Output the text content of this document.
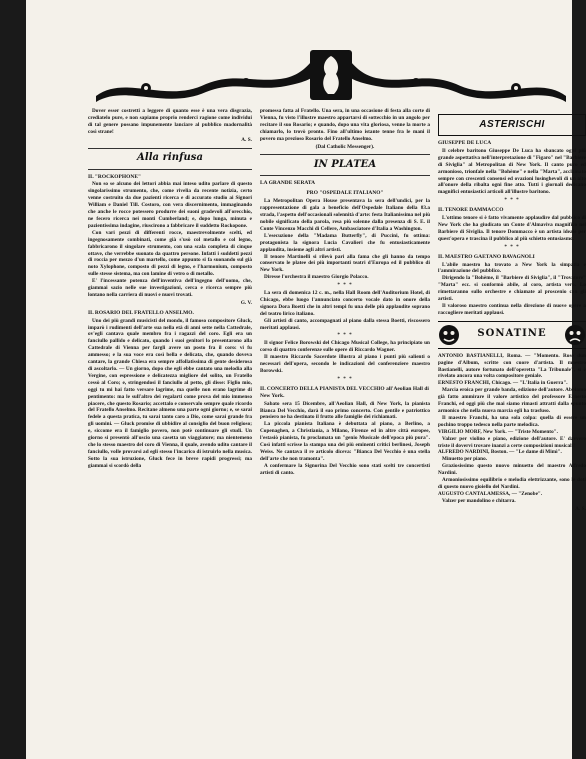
Dover esser costretti a leggere di quanto esse è una vera disgrazia, crediatelo pure, e non sapiamo proprio renderci ragione come individui di tal genere possano impunemente lanciare al pubblico madornalità così strane!

A. S.
Alla rinfusa
IL "ROCKOPHONE"

Non so se alcuno dei lettori abbia mai inteso udito parlare di questo singolarissimo strumento, che, come rivelia da recente notizia, certo venne costruito da due pazienti ricerca e di accurato studio ai Signori William e Daniel Till. Costoro, con vera discernimento, immaginando che anche le rocce potessero produrre dei suoni gradevoli all'orecchio, ne fecero ricerca nei monti Cumberland; e, dopo lunga, minuta e pazientissima indagine, riuscirono a fabbricare il suddetto Rockopone.

Con vari pezzi di differenti rocce, maestrevolmente scelti, ed ingegnosamente combinati, come già s'usò col metallo e col legno, fabbricarono il singolare strumento, con una scala completa di cinque ottave, che verrebbe suonato da quattro persone. Infatti i suddetti pezzi di roccia per mezzo d'un martello, come appunto si fa suonando sul già noto Xylophone, composto di pezzi di legno, e l'harmonium, composto sulle stesse sistema, ma con lamine di vetro o di metallo.

E' l'incessante potenza dell'inventiva dell'ingegno dell'uomo, che, giammai sazio nelle sue investigazioni, cerca e ricerca sempre più lontano nella carriera di nuovi e nuovi trovati.

G. V.
IL ROSARIO DEL FRATELLO ANSELMO.

Uno dei più grandi musicisti del mondo, il famoso compositore Gluck, imparò i rudimenti dell'arte sua nella età di anni sette nella Cattedrale, ov'egli cantava quale membro fra i ragazzi del coro. Egli era un fanciullo pallido e delicato, quando i suoi genitori lo presentarono alla Cattedrale di Vienna per fargli avere un posto fra il coro: vi fu ammesso; e la sua voce era così bella e delicata, che, quando doveva cantare, la grande Chiesa era sempre affollatissima di gente desiderosa di ascoltarlo. — Un giorno, dopo che egli ebbe cantato una melodia alla Vergine, con espressione e delicatezza migliore del solito, un Fratello cessò al Coro; e, stringendosi il fanciullo al petto, gli disse: Figlio mio, oggi tu mi hai fatto versare lagrime, ma quelle non erano lagrime di pentimento: ma le sull'altro dei regalarti come prova del mio immenso piacere, che questo Rosario; accettalo e conservalo sempre quale ricordo del Fratello Anselmo. Recitane almeno una parte ogni giorno; e, se sarai fedele a questa pratica, tu sarai tanto caro a Dio, come sarai grande fra gli uomini. — Gluck promise di ubbidire al consiglio del buon religioso; e, siccome era il famiglio povero, non potè continuare gli studi. Un giorno si presentò all'uscio una casetta un viaggiatore; ma nientemeno che lo stesso maestro del coro di Vienna, il quale, avendo udito cantare il fanciullo, volle provarsi ad egli stesso l'incarico di istruirlo nella musica. Sotto la sua istruzione, Gluck fece in breve rapidi progressi; ma giammai si scordò della

promessa fatta al Fratello. Una sera, in una occasione di festa alla corte di Vienna, fu visto l'illustre maestro appartarsi di sottecchio in un angolo per recitare il suo Rosario; e quando, dopo una vita gloriosa, venne la morte a chiamarlo, lo trovò pronto. Fino all'ultimo istante tenne fra le mani il povero ma prezioso Rosario del Fratello Anselmo.

(Dal Catholic Messenger).
IN PLATEA
LA GRANDE SERATA
PRO "OSPEDALE ITALIANO"

La Metropolitan Opera House presentava la sera dell'undici, per la rappresentazione di gala a beneficio dell'Ospedale Italiano della 83.a strada, l'aspetto dell'occasionali solennità d'arte: festa Italianissima nel più nobile significato della parola, resa più solenne dalla presenza di S. E. il Conte Vincenzo Macchi di Cellere, Ambasciatore d'Italia a Washington.

L'esecuzione della "Madama Butterfly", di Puccini, fu ottima: protagonista la signora Lucia Cavalieri che fu entusiasticamente applaudita, insieme agli altri artisti.

Il tenore Martinelli si rilevò pari alla fama che gli hanno da tempo conservato le platee dei più importanti teatri d'Europa ed il pubblico di New York.

Diresse l'orchestra il maestro Giorgio Polacco.

* * *

La sera di domenica 12 c. m., nella Hall Room dell'Auditorium Hotel, di Chicago, ebbe luogo l'annunciato concerto vocale dato in onore della signora Dora Boetti che in altri tempi fu una delle più applaudite soprano del teatro lirico italiano.

Gli artisti di canto, accompagnati al piano dalla stessa Boetti, riscossero meritati applausi.

* * *

Il signor Felice Borowski del Chicago Musical College, ha principiato un corso di quattro conferenze sulle opere di Riccardo Wagner.

Il maestro Riccardo Sacerdote illustra al piano i punti più salienti o necessari dell'opera, secondo le indicazioni del conferenziere maestro Borowski.

* * *
IL CONCERTO DELLA PIANISTA DEL VECCHIO all'Aeolian Hall di New York.

Sabato sera 15 Dicembre, all'Aeolian Hall, di New York, la pianista Bianca Del Vecchio, darà il suo primo concerto. Con gentile e patriottico pensiero ne ha destinato il frutto alle famiglie dei richiamati.

La piccola pianista Italiana è debuttata al piano, a Berlino, a Copenaghen, a Christiania, a Milano, Firenze ed in altre città europee, l'estasiò pianista, fu proclamata un "genio Musicale dell'epoca più pura". Così infatti scrisse la stampa una dei più eminenti critici berlinesi, Joseph Weiss. Ne cantava il re articolo diceva: "Bianca Del Vecchio è una stella dell'arte che non tramonta".

A confermare la Signorina Del Vecchio sono stati scelti tre concertisti artisti di canto.

ASTERISCHI
GIUSEPPE DE LUCA

Il celebre baritono Giuseppe De Luca ha sbancato ogni più grande aspettativa nell'interpretazione di "Figaro" nel "Barbiere di Siviglia" al Metropolitan di New York. Il canto puro ed armonioso, trionfale nella "Bohème" e nella "Marta", acclamato sempre con crescenti consensi ed ovazioni lusinghevoli di un alto all'onore della ribalta ogni fine atto. Tutti i giornali dedicano magnifici entusiastici articoli all'illustre baritono.

* * *
IL TENORE DAMMACCO

L'ottimo tenore si è fatto vivamente applaudire dal pubblico di New York che ha giudicato un Conte d'Almaviva magnifico nel Barbiere di Siviglia. Il tenore Dommacco è un artista ideale per quest'opera e trascina il pubblico al più schietto entusiasmo.

* * *
IL MAESTRO GAETANO BAVAGNOLI

L'abile maestro ha trovato a New York la simpatia e l'ammirazione del pubblico.

Dirigendo la "Bohème, il "Barbiere di Siviglia", il "Trovatore" "Marta" ecc. si conformò abile, al coro, artista vero. Lo rimettaranno sullo orchestre e chiamate al proscenio con gli artisti.

Il valoroso maestro continua nella direzione di nuove opere a raccogliere meritati applausi.

SONATINE

ANTONIO BASTIANELLI, Roma. — "Momento. Rose dun pagine d'Album, scritte con cuore d'artista. Il maestro Bastianelli, autore fortunato dell'operetta "La Tribunale", si è rivelato ancora una volta compositore geniale.

ERNESTO FRANCHI, Chicago. — "L'Italia in Guerra".

Marcia eroica per grande banda, edizione dell'autore. Abbiamo già fatto ammirare il valore artistico del professore Ernesto Franchi, ed oggi più che mai siamo rimasti attratti dalla spunto armonico che nella nuova marcia egli ha trasfuso.

Il maestro Franchi, ha una sola colpa: quella di essere un pochino troppo tedesco nella parte melodica.

VIRGILIO MORF, New York. — "Triste Momento".

Valzer per violino e piano, edizione dell'autore. E' davvero triste il dovervi trovare inanzi a certe composizioni musicali!

ALFREDO NARDINI, Boston. — "Le dame di Mimì".

Minuetto per piano.

Graziosissimo questo nuovo minuetto del maestro Alfredo Nardini.

Armoniosissimo equilibrio e melodia elettrizzante, sono le doti di questo nuovo gioiello del Nardini.

AUGUSTO CANTALAMESSA, — "Zenobe".

Valzer per mandolino e chitarra.

A. S.
